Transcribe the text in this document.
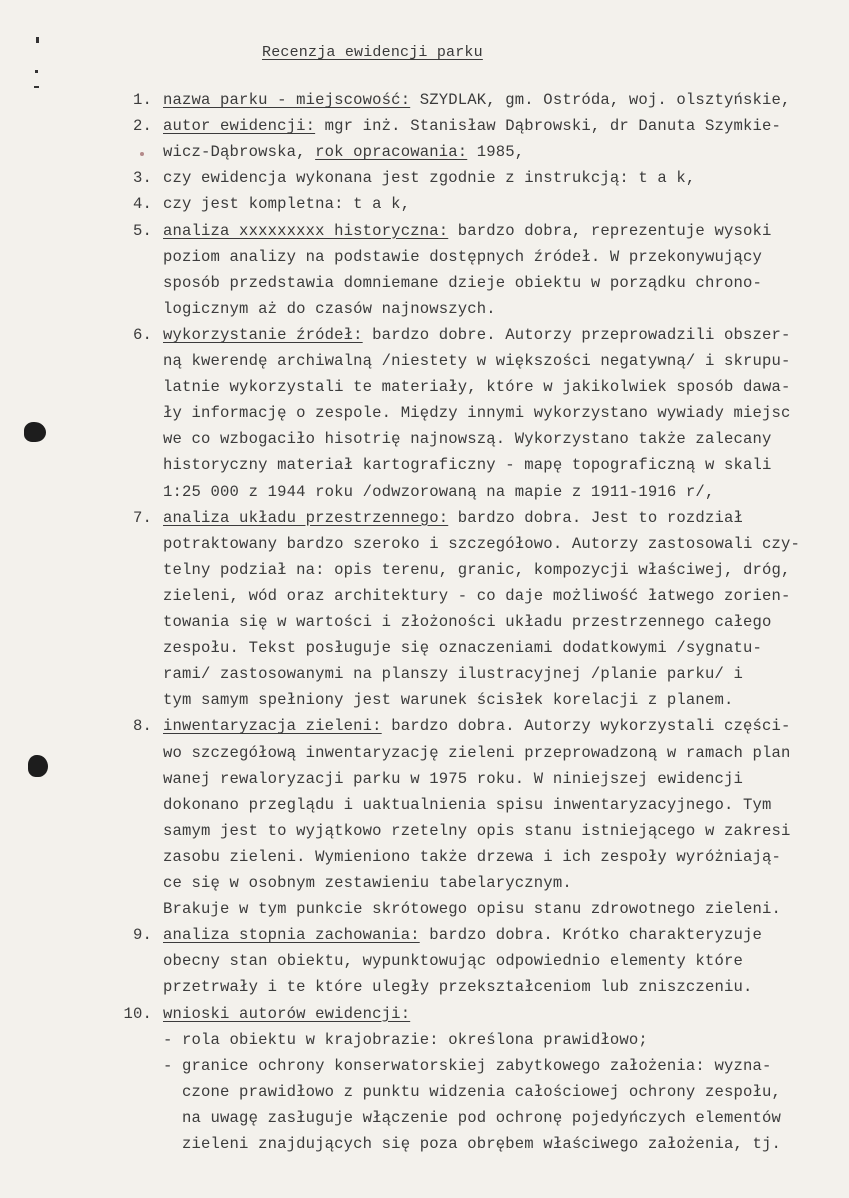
Recenzja ewidencji parku
1. nazwa parku - miejscowość: SZYDLAK, gm. Ostróda, woj. olsztyńskie,
2. autor ewidencji: mgr inż. Stanisław Dąbrowski, dr Danuta Szymkie-
wicz-Dąbrowska, rok opracowania: 1985,
3. czy ewidencja wykonana jest zgodnie z instrukcją: t a k,
4. czy jest kompletna: t a k,
5. analiza xxxxxxxxx historyczna: bardzo dobra, reprezentuje wysoki
poziom analizy na podstawie dostępnych źródeł. W przekonywujący
sposób przedstawia domniemane dzieje obiektu w porządku chrono-
logicznym aż do czasów najnowszych.
6. wykorzystanie źródeł: bardzo dobre. Autorzy przeprowadzili obszer-
ną kwerendę archiwalną /niestety w większości negatywną/ i skrupu-
latnie wykorzystali te materiały, które w jakikolwiek sposób dawa-
ły informację o zespole. Między innymi wykorzystano wywiady miejsc
we co wzbogaciło hisotrię najnowszą. Wykorzystano także zalecany
historyczny materiał kartograficzny - mapę topograficzną w skali
1:25 000 z 1944 roku /odwzorowaną na mapie z 1911-1916 r/,
7. analiza układu przestrzennego: bardzo dobra. Jest to rozdział
potraktowany bardzo szeroko i szczegółowo. Autorzy zastosowali czy-
telny podział na: opis terenu, granic, kompozycji właściwej, dróg,
zieleni, wód oraz architektury - co daje możliwość łatwego zorien-
towania się w wartości i złożoności układu przestrzennego całego
zespołu. Tekst posługuje się oznaczeniami dodatkowymi /sygnatu-
rami/ zastosowanymi na planszy ilustracyjnej /planie parku/ i
tym samym spełniony jest warunek ścisłek korelacji z planem.
8. inwentaryzacja zieleni: bardzo dobra. Autorzy wykorzystali części-
wo szczegółową inwentaryzację zieleni przeprowadzoną w ramach plan
wanej rewaloryzacji parku w 1975 roku. W niniejszej ewidencji
dokonano przeglądu i uaktualnienia spisu inwentaryzacyjnego. Tym
samym jest to wyjątkowo rzetelny opis stanu istniejącego w zakresi
zasobu zieleni. Wymieniono także drzewa i ich zespoły wyróżniają-
ce się w osobnym zestawieniu tabelarycznym.
Brakuje w tym punkcie skrótowego opisu stanu zdrowotnego zieleni.
9. analiza stopnia zachowania: bardzo dobra. Krótko charakteryzuje
obecny stan obiektu, wypunktowując odpowiednio elementy które
przetrwały i te które uległy przekształceniom lub zniszczeniu.
10. wnioski autorów ewidencji:
- rola obiektu w krajobrazie: określona prawidłowo;
- granice ochrony konserwatorskiej zabytkowego założenia: wyzna-
czone prawidłowo z punktu widzenia całościowej ochrony zespołu,
na uwagę zasługuje włączenie pod ochronę pojedyńczych elementów
zieleni znajdujących się poza obrębem właściwego założenia, tj.
